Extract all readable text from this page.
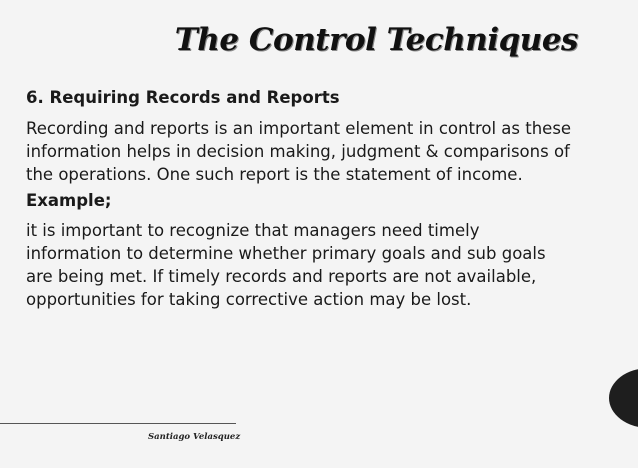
The Control Techniques
6. Requiring Records and Reports
Recording and reports is an important element in control as these
information helps in decision making, judgment & comparisons of
the operations. One such report is the statement of income.
Example;
it is important to recognize that managers need timely
information to determine whether primary goals and sub goals
are being met. If timely records and reports are not available,
opportunities for taking corrective action may be lost.
Santiago Velasquez
